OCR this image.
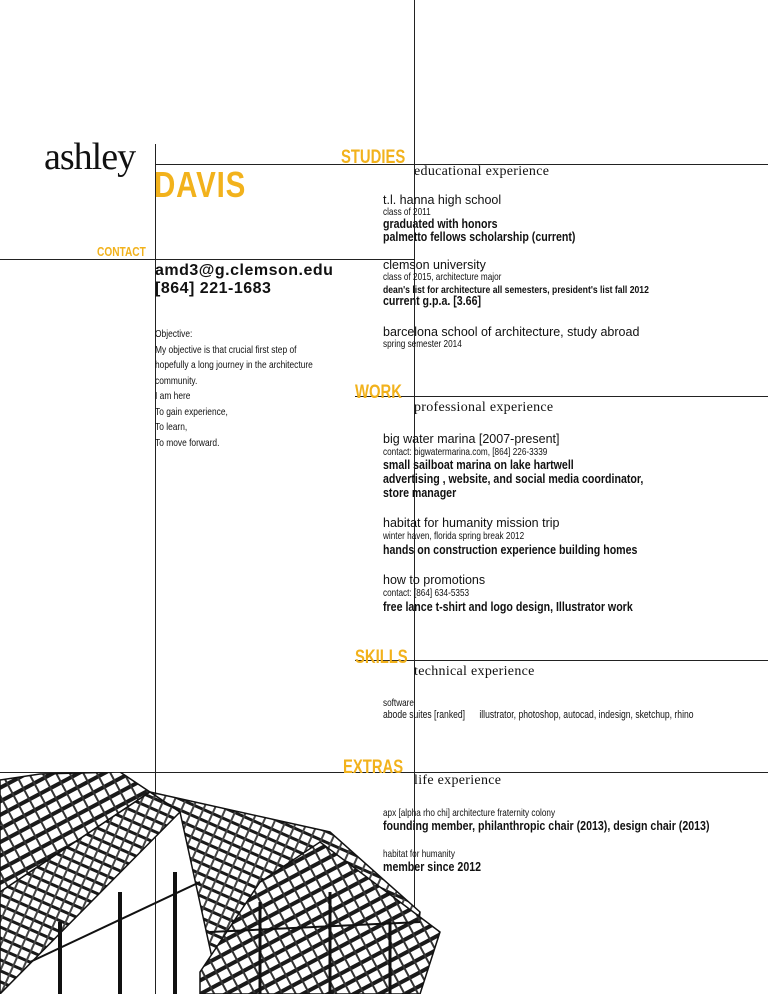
ashley
DAVIS
CONTACT
amd3@g.clemson.edu
[864] 221-1683
Objective:
My objective is that crucial first step of
hopefully a long journey in the architecture
community.
I am here
To gain experience,
To learn,
To move forward.
STUDIES
educational experience
t.l. hanna high school
class of 2011
graduated with honors
palmetto fellows scholarship (current)
clemson university
class of 2015, architecture major
dean's list for architecture all semesters, president's list fall 2012
current g.p.a. [3.66]
barcelona school of architecture, study abroad
spring semester 2014
WORK
professional experience
big water marina [2007-present]
contact: bigwatermarina.com, [864] 226-3339
small sailboat marina on lake hartwell
advertising , website, and social media coordinator,
store manager
habitat for humanity mission trip
winter haven, florida spring break 2012
hands on construction experience building homes
how to promotions
contact: [864] 634-5353
free lance t-shirt and logo design, Illustrator work
SKILLS
technical experience
software
abode suites [ranked] illustrator, photoshop, autocad, indesign, sketchup, rhino
EXTRAS
life experience
apx [alpha rho chi] architecture fraternity colony
founding member, philanthropic chair (2013), design chair (2013)
habitat for humanity
member since 2012
